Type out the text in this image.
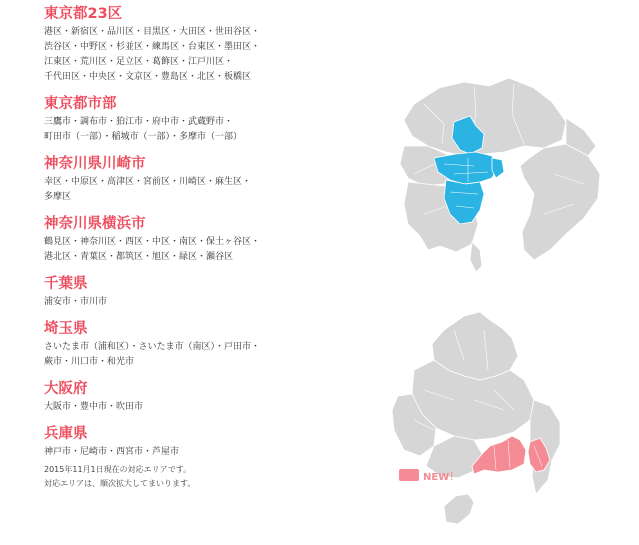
東京都23区
港区・新宿区・品川区・目黒区・大田区・世田谷区・
渋谷区・中野区・杉並区・練馬区・台東区・墨田区・
江東区・荒川区・足立区・葛飾区・江戸川区・
千代田区・中央区・文京区・豊島区・北区・板橋区
東京都市部
三鷹市・調布市・狛江市・府中市・武蔵野市・
町田市（一部）・稲城市（一部）・多摩市（一部）
神奈川県川崎市
幸区・中原区・高津区・宮前区・川崎区・麻生区・
多摩区
神奈川県横浜市
鶴見区・神奈川区・西区・中区・南区・保土ヶ谷区・
港北区・青葉区・都筑区・旭区・緑区・瀬谷区
千葉県
浦安市・市川市
埼玉県
さいたま市（浦和区）・さいたま市（南区）・戸田市・
蕨市・川口市・和光市
大阪府
大阪市・豊中市・吹田市
兵庫県
神戸市・尼崎市・西宮市・芦屋市
2015年11月1日現在の対応エリアです。
対応エリアは、順次拡大してまいります。
NEW！
